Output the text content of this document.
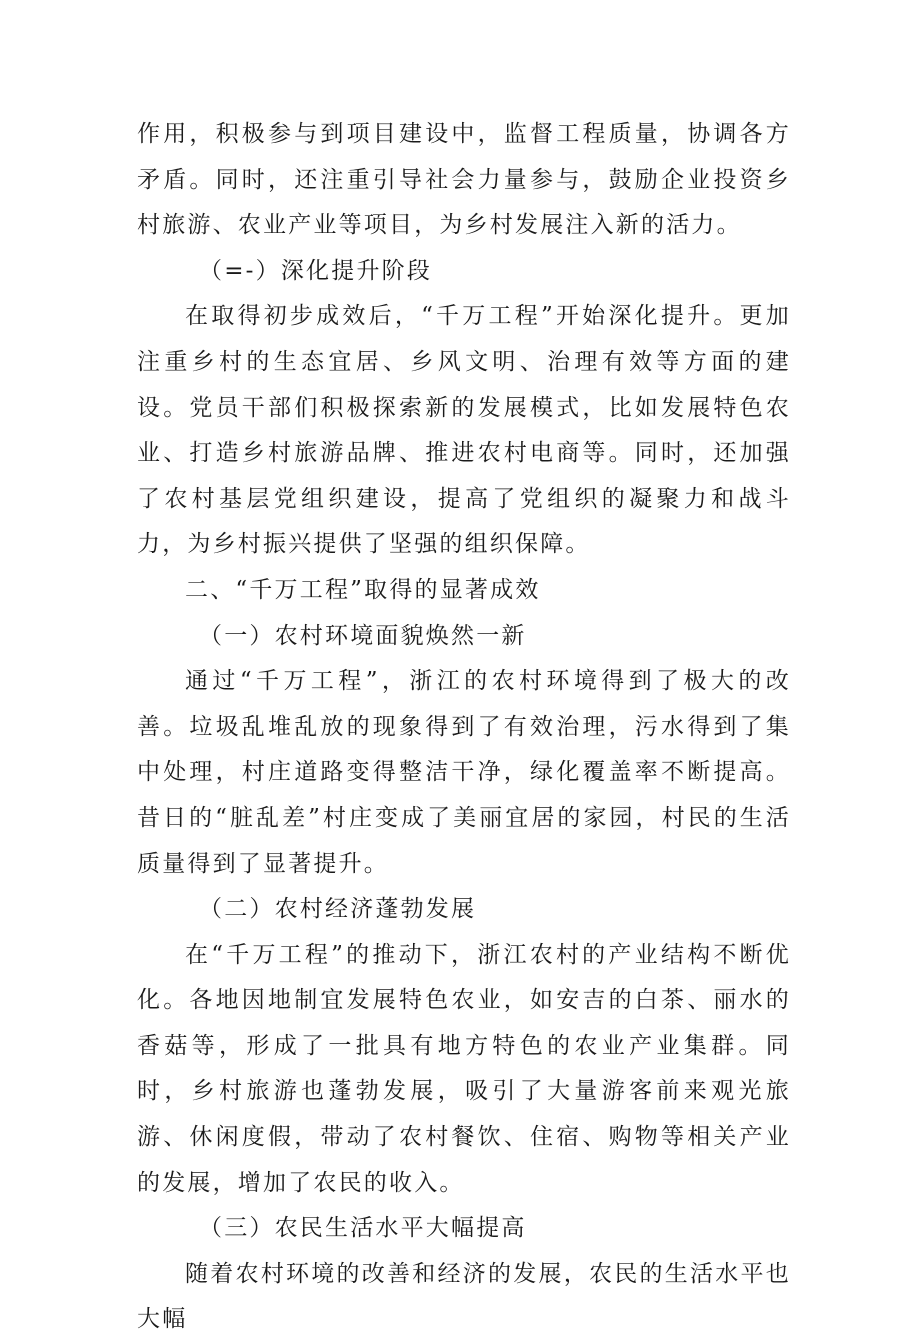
作用，积极参与到项目建设中，监督工程质量，协调各方矛盾。同时，还注重引导社会力量参与，鼓励企业投资乡村旅游、农业产业等项目，为乡村发展注入新的活力。

（=-）深化提升阶段

在取得初步成效后，“千万工程”开始深化提升。更加注重乡村的生态宜居、乡风文明、治理有效等方面的建设。党员干部们积极探索新的发展模式，比如发展特色农业、打造乡村旅游品牌、推进农村电商等。同时，还加强了农村基层党组织建设，提高了党组织的凝聚力和战斗力，为乡村振兴提供了坚强的组织保障。

二、“千万工程”取得的显著成效

（一）农村环境面貌焕然一新

通过“千万工程”，浙江的农村环境得到了极大的改善。垃圾乱堆乱放的现象得到了有效治理，污水得到了集中处理，村庄道路变得整洁干净，绿化覆盖率不断提高。昔日的“脏乱差”村庄变成了美丽宜居的家园，村民的生活质量得到了显著提升。

（二）农村经济蓬勃发展

在“千万工程”的推动下，浙江农村的产业结构不断优化。各地因地制宜发展特色农业，如安吉的白茶、丽水的香菇等，形成了一批具有地方特色的农业产业集群。同时，乡村旅游也蓬勃发展，吸引了大量游客前来观光旅游、休闲度假，带动了农村餐饮、住宿、购物等相关产业的发展，增加了农民的收入。

（三）农民生活水平大幅提高

随着农村环境的改善和经济的发展，农民的生活水平也大幅
